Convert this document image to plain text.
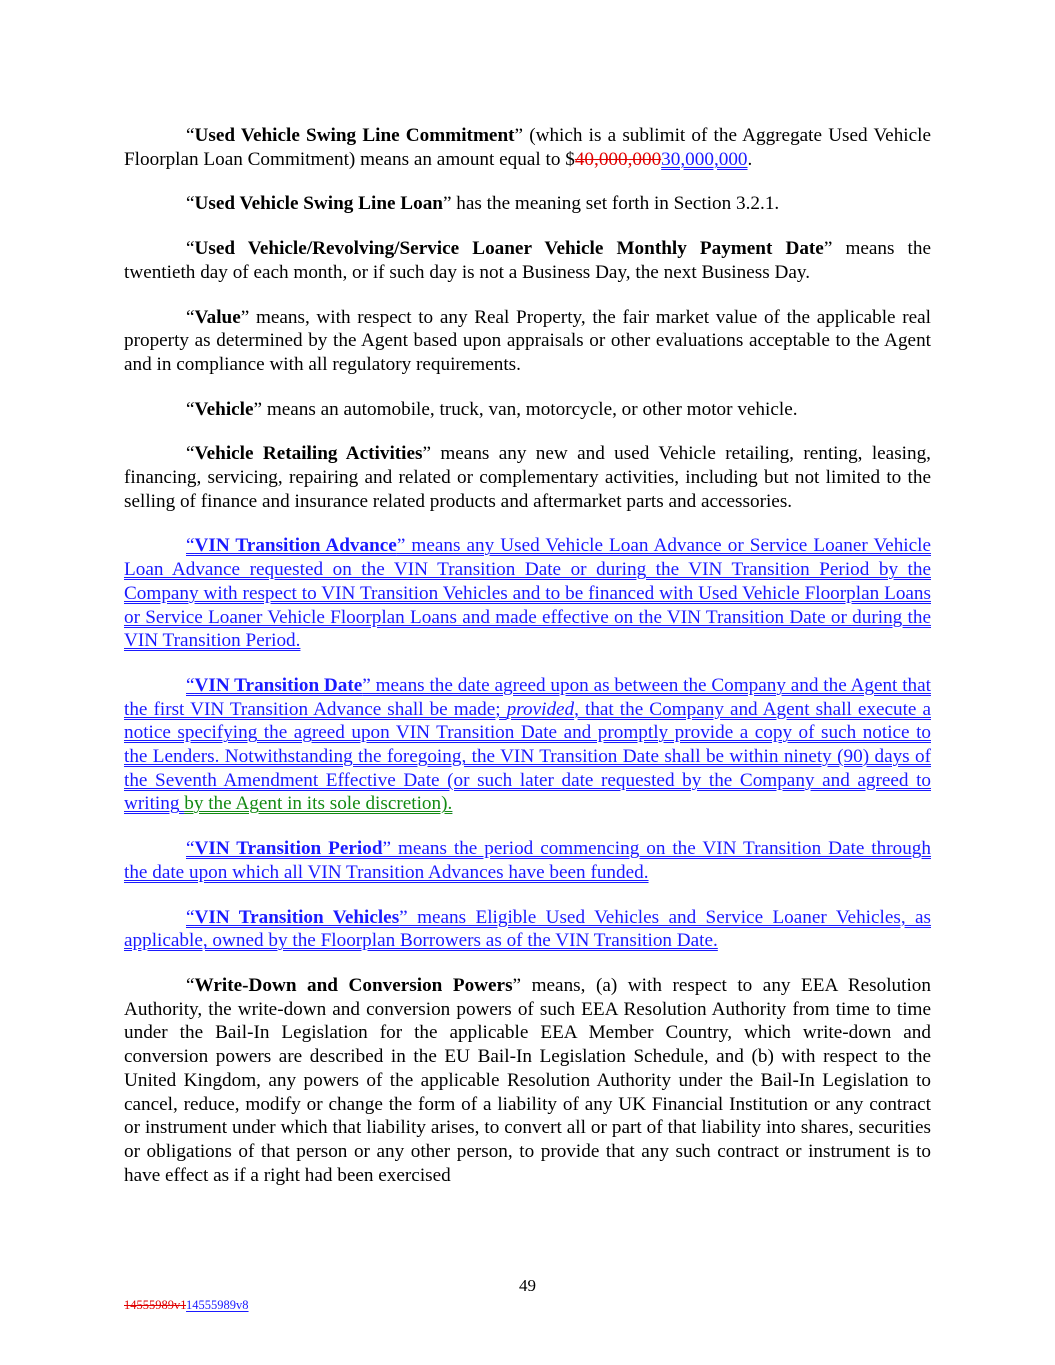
“Used Vehicle Swing Line Commitment” (which is a sublimit of the Aggregate Used Vehicle Floorplan Loan Commitment) means an amount equal to $40,000,00030,000,000.

“Used Vehicle Swing Line Loan” has the meaning set forth in Section 3.2.1.

“Used Vehicle/Revolving/Service Loaner Vehicle Monthly Payment Date” means the twentieth day of each month, or if such day is not a Business Day, the next Business Day.

“Value” means, with respect to any Real Property, the fair market value of the applicable real property as determined by the Agent based upon appraisals or other evaluations acceptable to the Agent and in compliance with all regulatory requirements.

“Vehicle” means an automobile, truck, van, motorcycle, or other motor vehicle.

“Vehicle Retailing Activities” means any new and used Vehicle retailing, renting, leasing, financing, servicing, repairing and related or complementary activities, including but not limited to the selling of finance and insurance related products and aftermarket parts and accessories.

“VIN Transition Advance” means any Used Vehicle Loan Advance or Service Loaner Vehicle Loan Advance requested on the VIN Transition Date or during the VIN Transition Period by the Company with respect to VIN Transition Vehicles and to be financed with Used Vehicle Floorplan Loans or Service Loaner Vehicle Floorplan Loans and made effective on the VIN Transition Date or during the VIN Transition Period.

“VIN Transition Date” means the date agreed upon as between the Company and the Agent that the first VIN Transition Advance shall be made; provided, that the Company and Agent shall execute a notice specifying the agreed upon VIN Transition Date and promptly provide a copy of such notice to the Lenders. Notwithstanding the foregoing, the VIN Transition Date shall be within ninety (90) days of the Seventh Amendment Effective Date (or such later date requested by the Company and agreed to writing by the Agent in its sole discretion).

“VIN Transition Period” means the period commencing on the VIN Transition Date through the date upon which all VIN Transition Advances have been funded.

“VIN Transition Vehicles” means Eligible Used Vehicles and Service Loaner Vehicles, as applicable, owned by the Floorplan Borrowers as of the VIN Transition Date.

“Write-Down and Conversion Powers” means, (a) with respect to any EEA Resolution Authority, the write-down and conversion powers of such EEA Resolution Authority from time to time under the Bail-In Legislation for the applicable EEA Member Country, which write-down and conversion powers are described in the EU Bail-In Legislation Schedule, and (b) with respect to the United Kingdom, any powers of the applicable Resolution Authority under the Bail-In Legislation to cancel, reduce, modify or change the form of a liability of any UK Financial Institution or any contract or instrument under which that liability arises, to convert all or part of that liability into shares, securities or obligations of that person or any other person, to provide that any such contract or instrument is to have effect as if a right had been exercised

49
14555989v114555989v8
